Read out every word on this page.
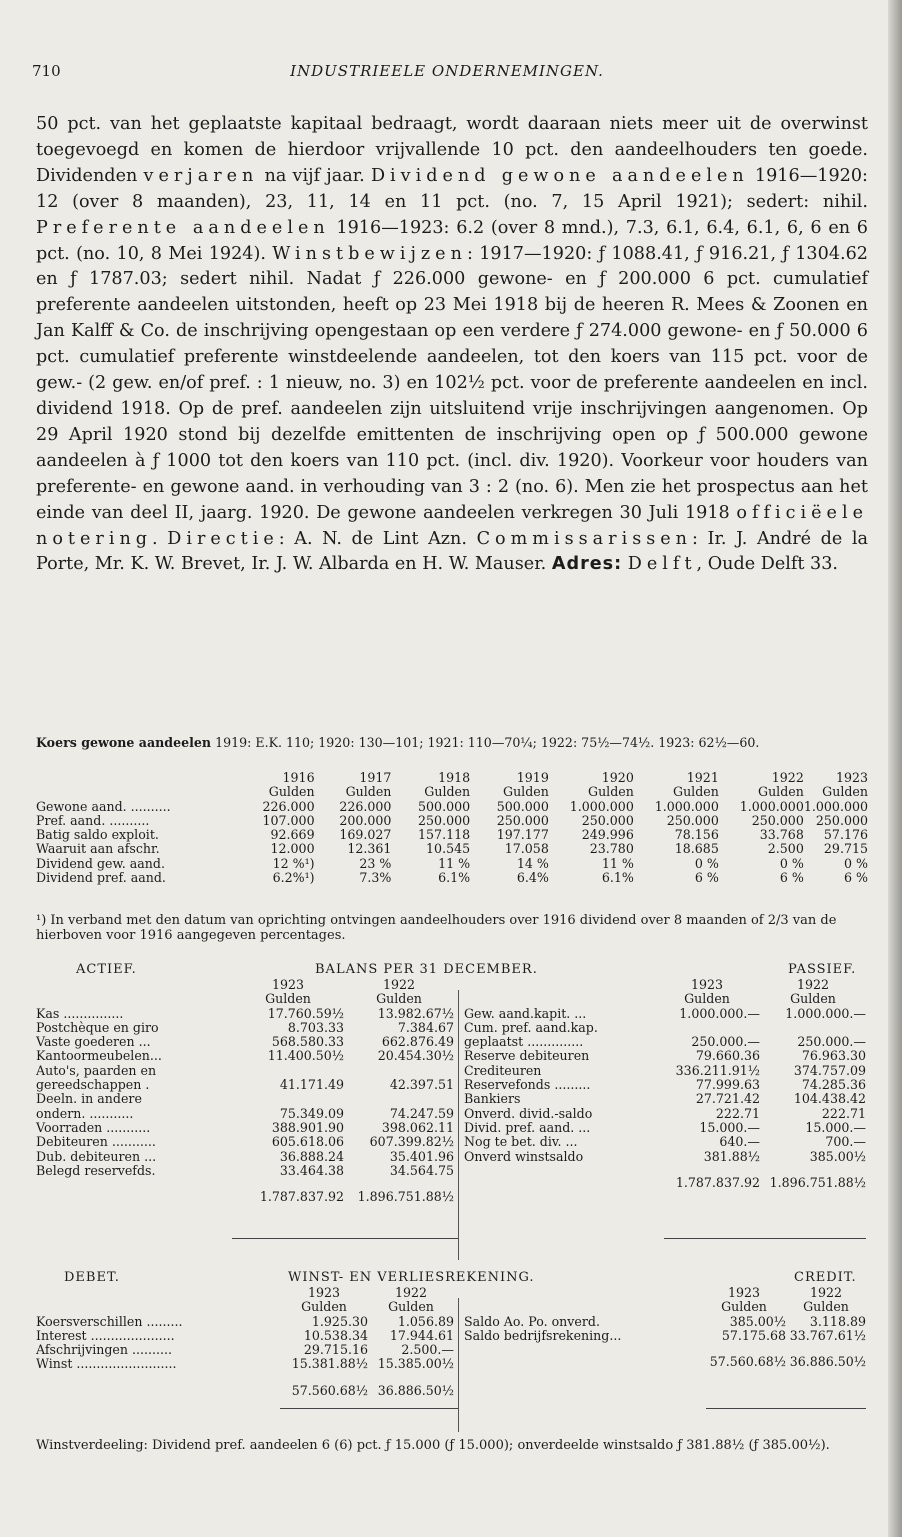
710	INDUSTRIEELE ONDERNEMINGEN.
50 pct. van het geplaatste kapitaal bedraagt, wordt daaraan niets meer uit de overwinst toegevoegd en komen de hierdoor vrijvallende 10 pct. den aandeelhouders ten goede. Dividenden verjaren na vijf jaar. Dividend gewone aandeelen 1916—1920: 12 (over 8 maanden), 23, 11, 14 en 11 pct. (no. 7, 15 April 1921); sedert: nihil. Preferente aandeelen 1916—1923: 6.2 (over 8 mnd.), 7.3, 6.1, 6.4, 6.1, 6, 6 en 6 pct. (no. 10, 8 Mei 1924). Winstbewijzen: 1917—1920: ƒ 1088.41, ƒ 916.21, ƒ 1304.62 en ƒ 1787.03; sedert nihil. Nadat ƒ 226.000 gewone- en ƒ 200.000 6 pct. cumulatief preferente aandeelen uitstonden, heeft op 23 Mei 1918 bij de heeren R. Mees & Zoonen en Jan Kalff & Co. de inschrijving opengestaan op een verdere ƒ 274.000 gewone- en ƒ 50.000 6 pct. cumulatief preferente winstdeelende aandeelen, tot den koers van 115 pct. voor de gew.- (2 gew. en/of pref. : 1 nieuw, no. 3) en 102½ pct. voor de preferente aandeelen en incl. dividend 1918. Op de pref. aandeelen zijn uitsluitend vrije inschrijvingen aangenomen. Op 29 April 1920 stond bij dezelfde emittenten de inschrijving open op ƒ 500.000 gewone aandeelen à ƒ 1000 tot den koers van 110 pct. (incl. div. 1920). Voorkeur voor houders van preferente- en gewone aand. in verhouding van 3 : 2 (no. 6). Men zie het prospectus aan het einde van deel II, jaarg. 1920. De gewone aandeelen verkregen 30 Juli 1918 officiëele notering. Directie: A. N. de Lint Azn. Commissarissen: Ir. J. André de la Porte, Mr. K. W. Brevet, Ir. J. W. Albarda en H. W. Mauser. Adres: Delft, Oude Delft 33.
Koers gewone aandeelen 1919: E.K. 110; 1920: 130—101; 1921: 110—70¼; 1922: 75½—74½. 1923: 62½—60.
	1916	1917	1918	1919	1920	1921	1922	1923
	Gulden	Gulden	Gulden	Gulden	Gulden	Gulden	Gulden	Gulden
Gewone aand. ..........	226.000	226.000	500.000	500.000	1.000.000	1.000.000	1.000.000	1.000.000
Pref. aand. ..........	107.000	200.000	250.000	250.000	250.000	250.000	250.000	250.000
Batig saldo exploit.	92.669	169.027	157.118	197.177	249.996	78.156	33.768	57.176
Waaruit aan afschr.	12.000	12.361	10.545	17.058	23.780	18.685	2.500	29.715
Dividend gew. aand.	12 %¹)	23 %	11 %	14 %	11 %	0 %	0 %	0 %
Dividend pref. aand.	6.2%¹)	7.3%	6.1%	6.4%	6.1%	6 %	6 %	6 %
¹) In verband met den datum van oprichting ontvingen aandeelhouders over 1916 dividend over 8 maanden of 2/3 van de hierboven voor 1916 aangegeven percentages.
ACTIEF.	BALANS PER 31 DECEMBER.	PASSIEF.
	1923	1922
	Gulden	Gulden
Kas ...............	17.760.59½	13.982.67½
Postchèque en giro	8.703.33	7.384.67
Vaste goederen ...	568.580.33	662.876.49
Kantoormeubelen...	11.400.50½	20.454.30½
Auto's, paarden en		
gereedschappen .	41.171.49	42.397.51
Deeln. in andere		
ondern. ...........	75.349.09	74.247.59
Voorraden ...........	388.901.90	398.062.11
Debiteuren ...........	605.618.06	607.399.82½
Dub. debiteuren ...	36.888.24	35.401.96
Belegd reservefds.	33.464.38	34.564.75

	1.787.837.92	1.896.751.88½
	1923	1922
	Gulden	Gulden
Gew. aand.kapit. ...	1.000.000.—	1.000.000.—
Cum. pref. aand.kap.		
geplaatst ..............	250.000.—	250.000.—
Reserve debiteuren	79.660.36	76.963.30
Crediteuren	336.211.91½	374.757.09
Reservefonds .........	77.999.63	74.285.36
Bankiers	27.721.42	104.438.42
Onverd. divid.-saldo	222.71	222.71
Divid. pref. aand. ...	15.000.—	15.000.—
Nog te bet. div. ...	640.—	700.—
Onverd winstsaldo	381.88½	385.00½

	1.787.837.92	1.896.751.88½
DEBET.	WINST- EN VERLIESREKENING.	CREDIT.
	1923	1922
	Gulden	Gulden
Koersverschillen .........	1.925.30	1.056.89
Interest .....................	10.538.34	17.944.61
Afschrijvingen ..........	29.715.16	2.500.—
Winst .........................	15.381.88½	15.385.00½

	57.560.68½	36.886.50½
	1923	1922
	Gulden	Gulden
Saldo Ao. Po. onverd.	385.00½	3.118.89
Saldo bedrijfsrekening...	57.175.68	33.767.61½

	57.560.68½	36.886.50½
Winstverdeeling: Dividend pref. aandeelen 6 (6) pct. ƒ 15.000 (ƒ 15.000); onverdeelde winstsaldo ƒ 381.88½ (ƒ 385.00½).
